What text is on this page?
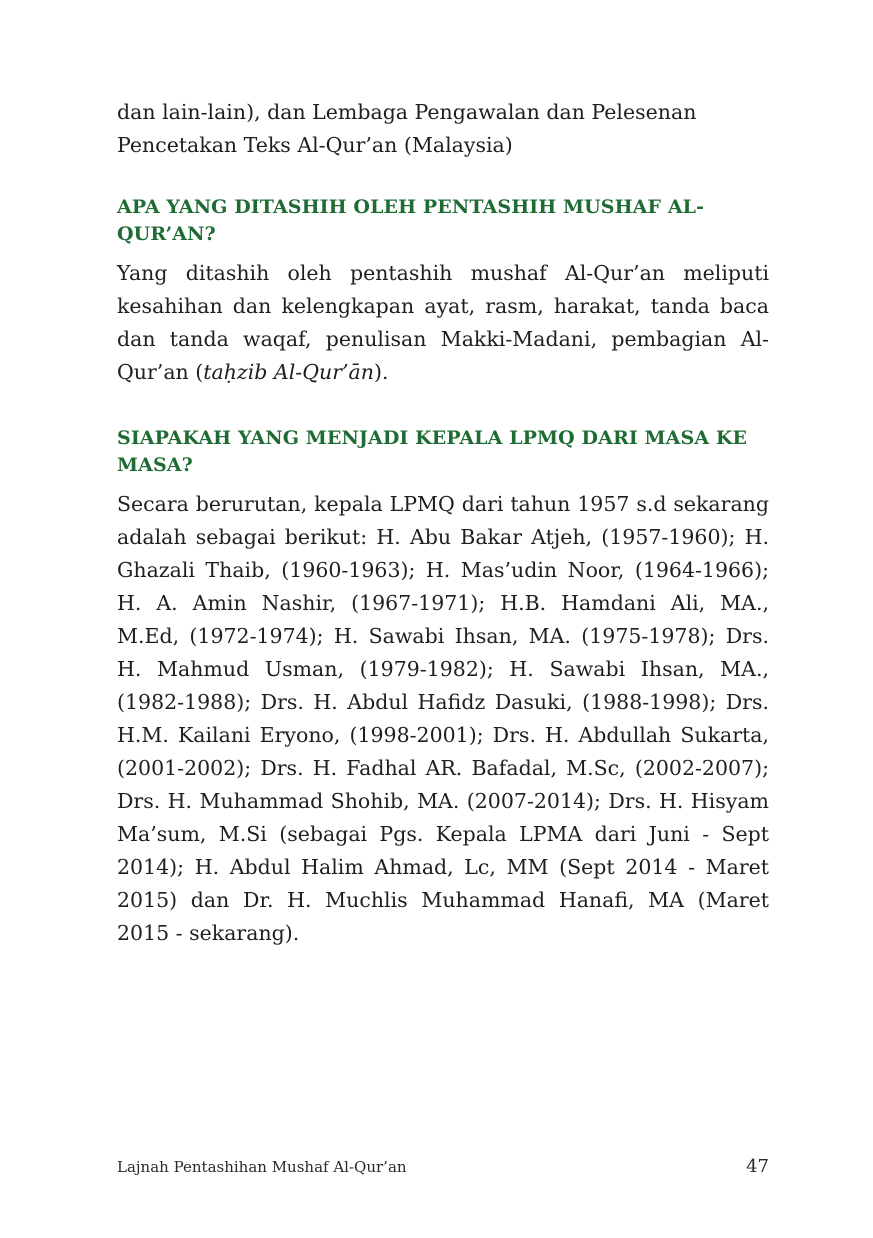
dan lain-lain), dan Lembaga Pengawalan dan Pelesenan Pencetakan Teks Al-Qur’an (Malaysia)

APA YANG DITASHIH OLEH PENTASHIH MUSHAF AL-QUR’AN?

Yang ditashih oleh pentashih mushaf Al-Qur’an meliputi kesahihan dan kelengkapan ayat, rasm, harakat, tanda baca dan tanda waqaf, penulisan Makki-Madani, pembagian Al-Qur’an (taḥzib Al-Qur’ān).

SIAPAKAH YANG MENJADI KEPALA LPMQ DARI MASA KE MASA?

Secara berurutan, kepala LPMQ dari tahun 1957 s.d sekarang adalah sebagai berikut: H. Abu Bakar Atjeh, (1957-1960); H. Ghazali Thaib, (1960-1963); H. Mas’udin Noor, (1964-1966); H. A. Amin Nashir, (1967-1971); H.B. Hamdani Ali, MA., M.Ed, (1972-1974); H. Sawabi Ihsan, MA. (1975-1978); Drs. H. Mahmud Usman, (1979-1982); H. Sawabi Ihsan, MA., (1982-1988); Drs. H. Abdul Hafidz Dasuki, (1988-1998); Drs. H.M. Kailani Eryono, (1998-2001); Drs. H. Abdullah Sukarta, (2001-2002); Drs. H. Fadhal AR. Bafadal, M.Sc, (2002-2007); Drs. H. Muhammad Shohib, MA. (2007-2014); Drs. H. Hisyam Ma’sum, M.Si (sebagai Pgs. Kepala LPMA dari Juni - Sept 2014); H. Abdul Halim Ahmad, Lc, MM (Sept 2014 - Maret 2015) dan Dr. H. Muchlis Muhammad Hanafi, MA (Maret 2015 - sekarang).

Lajnah Pentashihan Mushaf Al-Qur’an	47
